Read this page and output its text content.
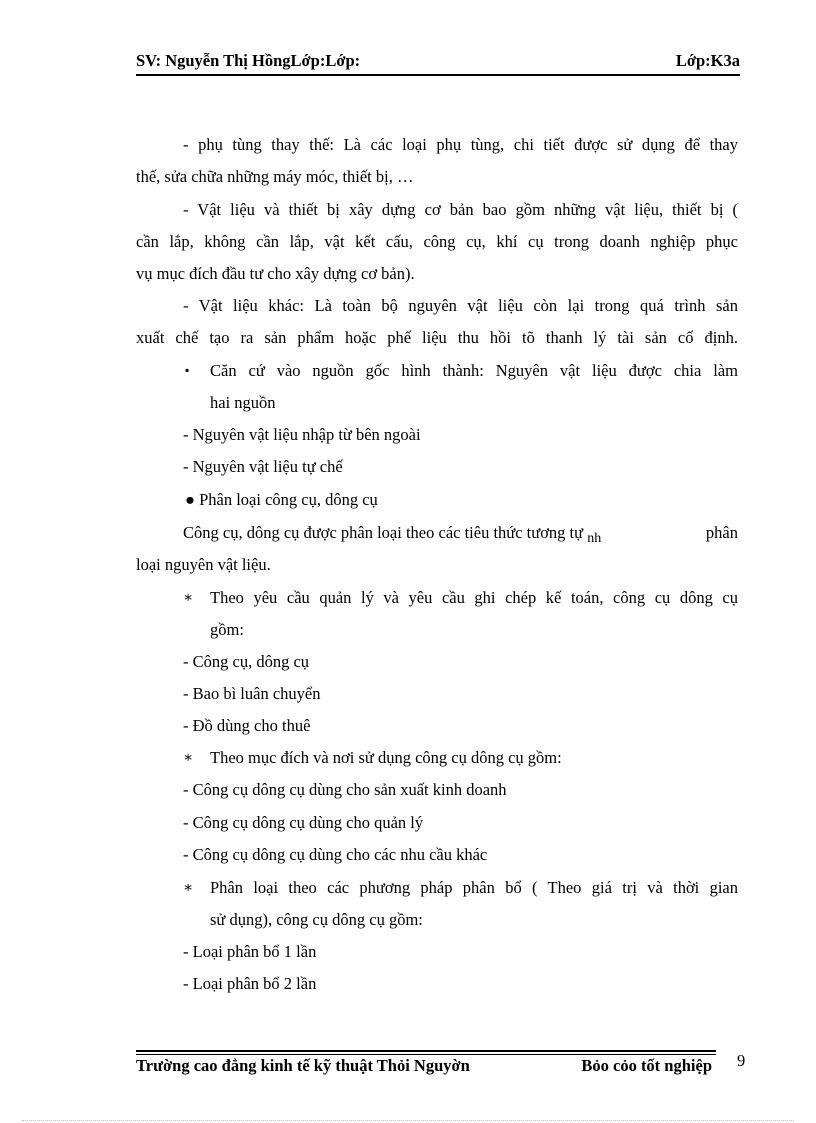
SV: Nguyễn Thị HồngLớp:Lớp:	Lớp:K3a
- phụ tùng thay thế: Là các loại phụ tùng, chi tiết được sử dụng để thay
thế, sửa chữa những máy móc, thiết bị, …
- Vật liệu và thiết bị xây dựng cơ bản bao gồm những vật liệu, thiết bị (
cần lắp, không cần lắp, vật kết cấu, công cụ, khí cụ trong doanh nghiệp phục
vụ mục đích đầu tư cho xây dựng cơ bản).
- Vật liệu khác: Là toàn bộ nguyên vật liệu còn lại trong quá trình sản
xuất chế tạo ra sản phẩm hoặc phế liệu thu hồi tõ thanh lý tài sản cố định.
▪ Căn cứ vào nguồn gốc hình thành: Nguyên vật liệu được chia làm
hai nguồn
- Nguyên vật liệu nhập từ bên ngoài
- Nguyên vật liệu tự chế
● Phân loại công cụ, dông cụ
Công cụ, dông cụ được phân loại theo các tiêu thức tương tự $_{nh}$	phân
loại nguyên vật liệu.
∗ Theo yêu cầu quản lý và yêu cầu ghi chép kế toán, công cụ dông cụ
gồm:
- Công cụ, dông cụ
- Bao bì luân chuyển
- Đồ dùng cho thuê
∗ Theo mục đích và nơi sử dụng công cụ dông cụ gồm:
- Công cụ dông cụ dùng cho sản xuất kinh doanh
- Công cụ dông cụ dùng cho quản lý
- Công cụ dông cụ dùng cho các nhu cầu khác
∗ Phân loại theo các phương pháp phân bổ ( Theo giá trị và thời gian
sử dụng), công cụ dông cụ gồm:
- Loại phân bổ 1 lần
- Loại phân bổ 2 lần
Trường cao đẳng kinh tế kỹ thuật Thỏi Nguyờn	Bỏo cỏo tốt nghiệp 9
